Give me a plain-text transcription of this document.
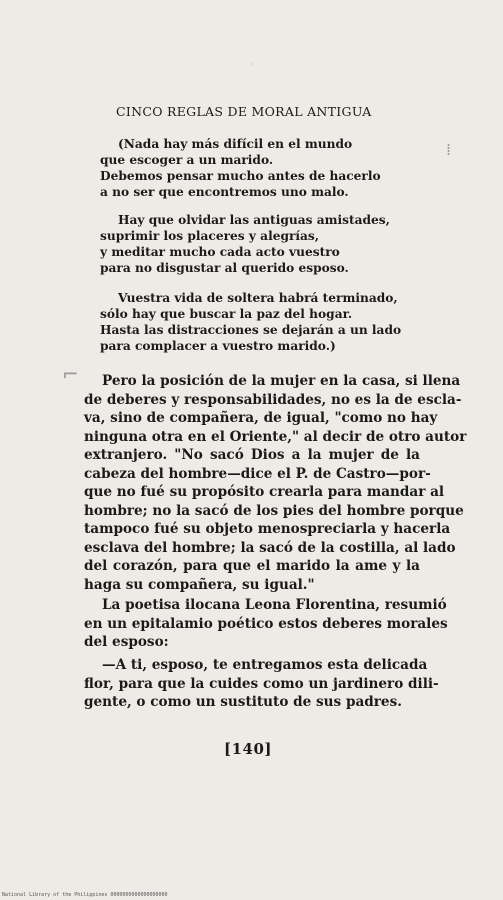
·
⁞
⌐
CINCO REGLAS DE MORAL ANTIGUA
(Nada hay más difícil en el mundo
que escoger a un marido.
Debemos pensar mucho antes de hacerlo
a no ser que encontremos uno malo.
Hay que olvidar las antiguas amistades,
suprimir los placeres y alegrías,
y meditar mucho cada acto vuestro
para no disgustar al querido esposo.
Vuestra vida de soltera habrá terminado,
sólo hay que buscar la paz del hogar.
Hasta las distracciones se dejarán a un lado
para complacer a vuestro marido.)
Pero la posición de la mujer en la casa, si llena
de deberes y responsabilidades, no es la de escla-
va, sino de compañera, de igual, "como no hay
ninguna otra en el Oriente," al decir de otro autor
extranjero. "No sacó Dios a la mujer de la
cabeza del hombre—dice el P. de Castro—por-
que no fué su propósito crearla para mandar al
hombre; no la sacó de los pies del hombre porque
tampoco fué su objeto menospreciarla y hacerla
esclava del hombre; la sacó de la costilla, al lado
del corazón, para que el marido la ame y la
haga su compañera, su igual."
La poetisa ilocana Leona Florentina, resumió
en un epitalamio poético estos deberes morales
del esposo:
—A ti, esposo, te entregamos esta delicada
flor, para que la cuides como un jardinero dili-
gente, o como un sustituto de sus padres.
[140]
National Library of the Philippines 0000000000000000000
